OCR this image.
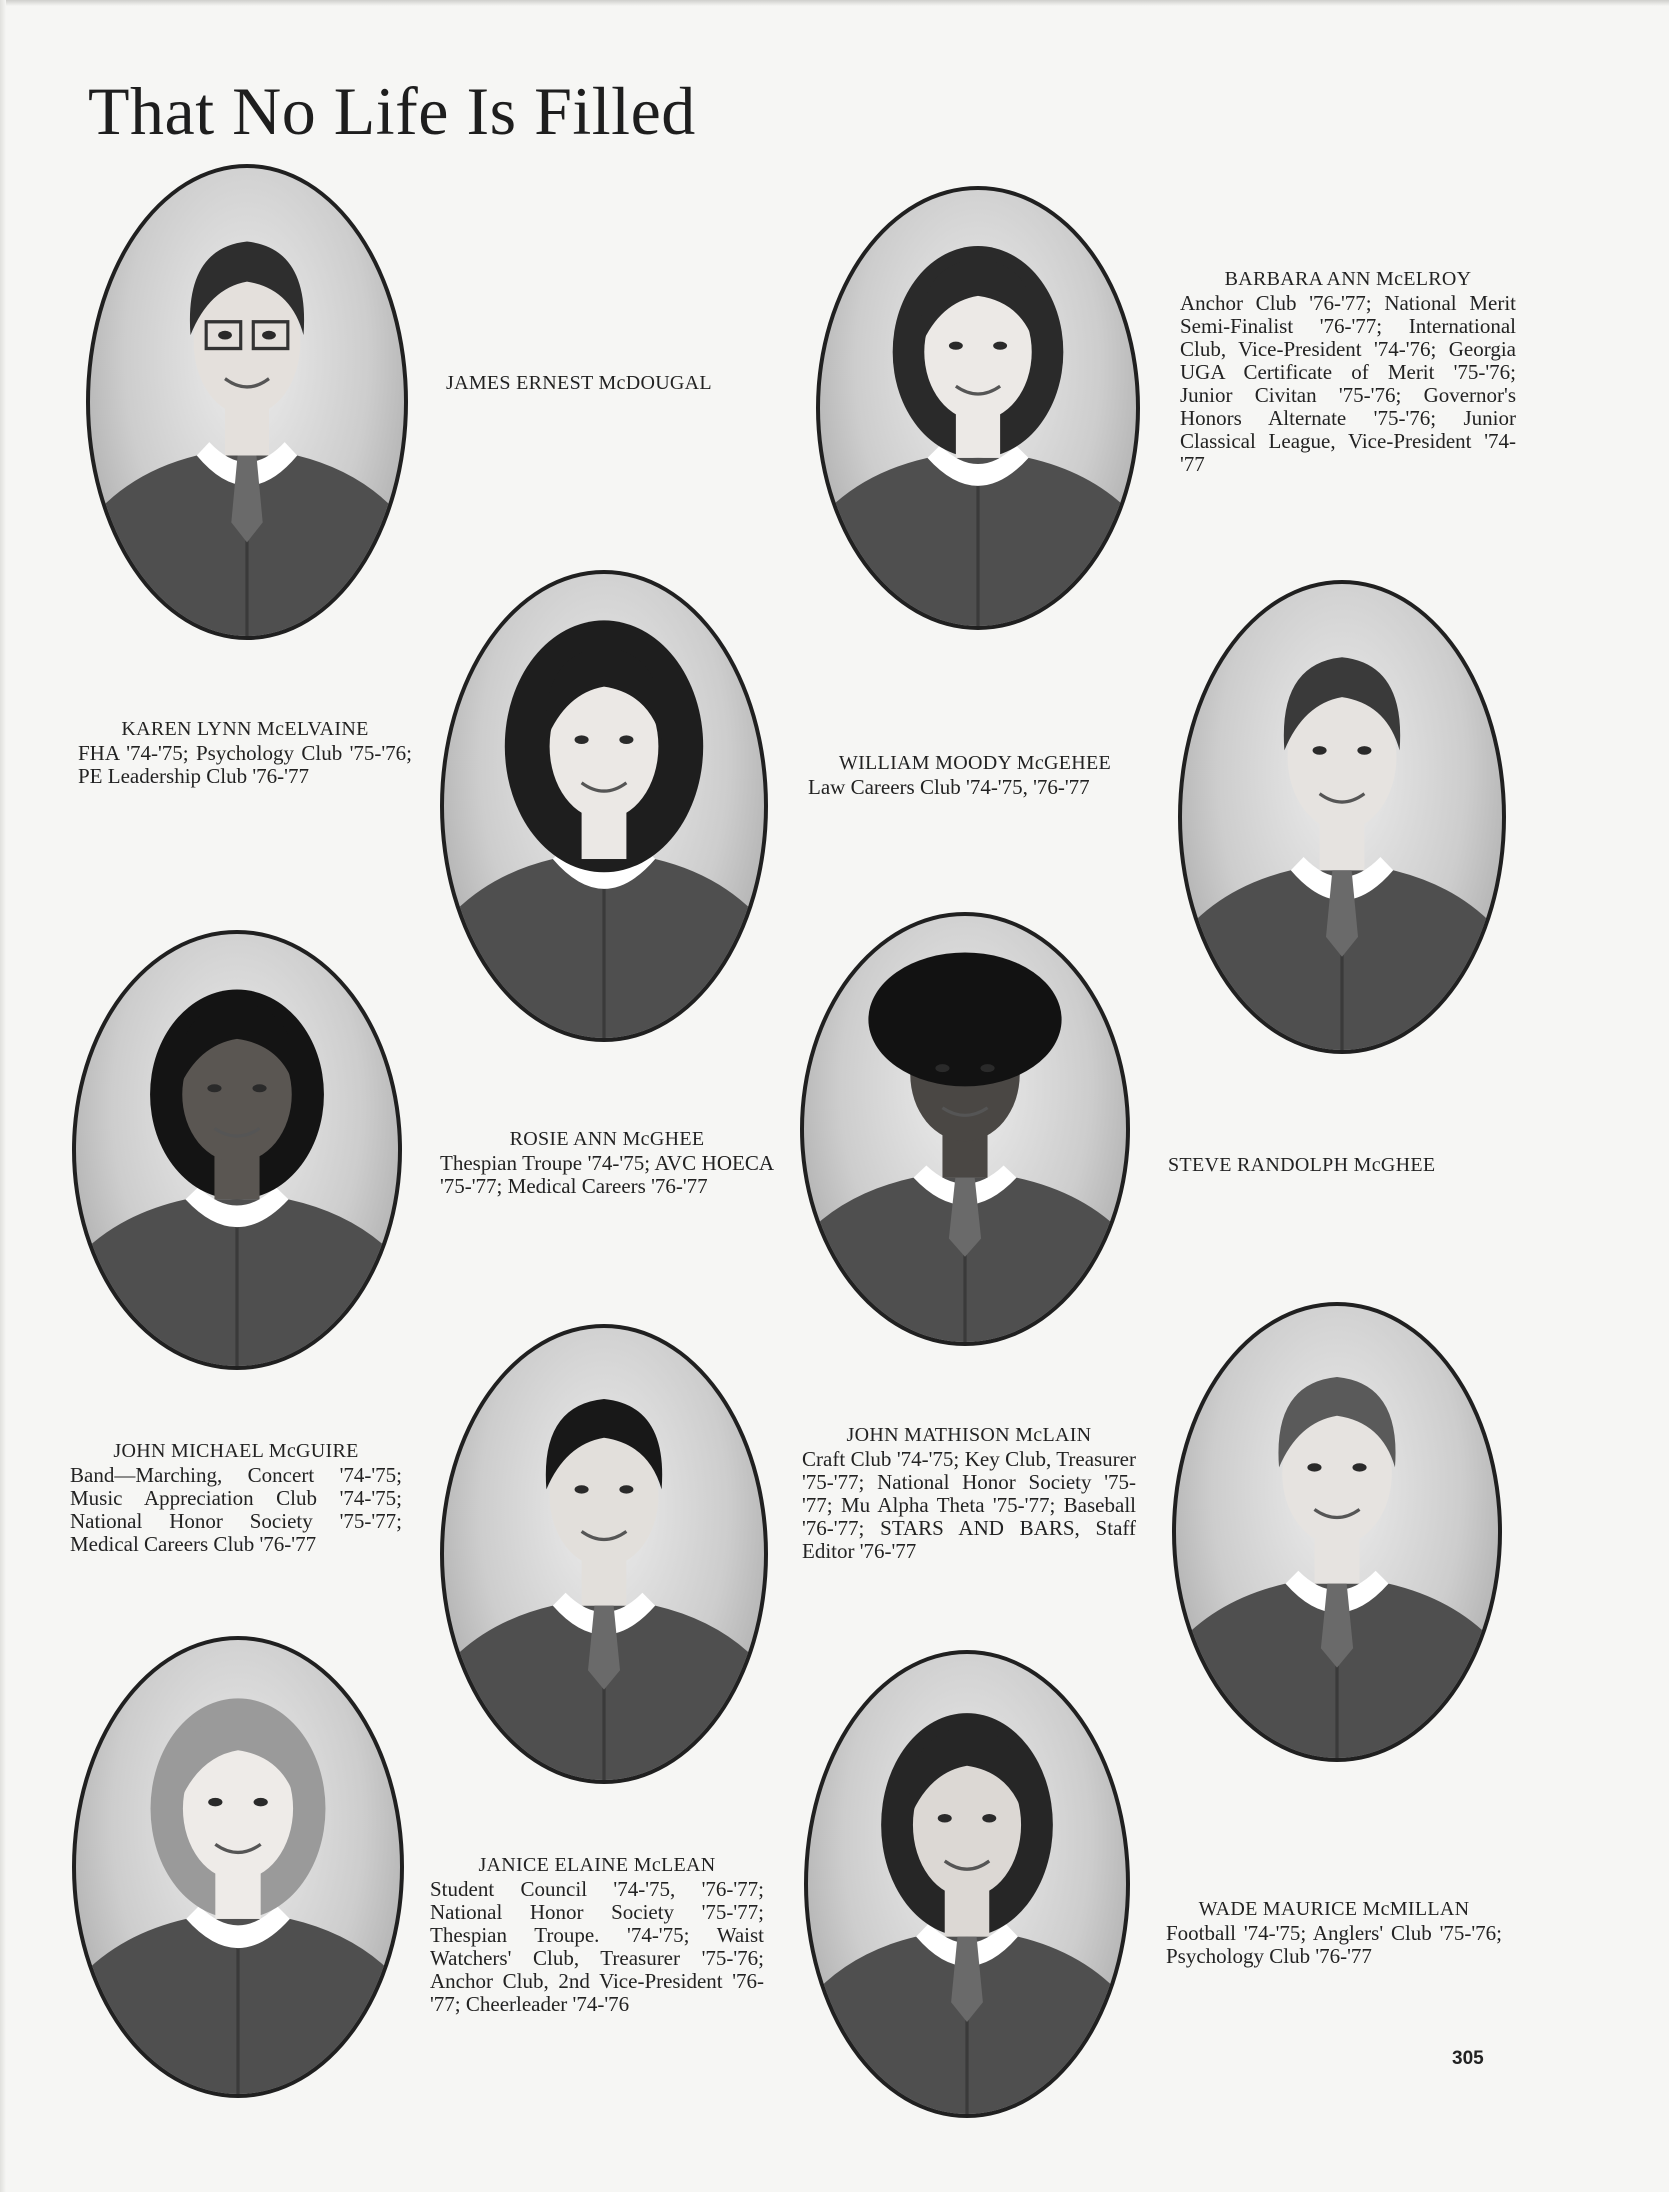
That No Life Is Filled
JAMES ERNEST McDOUGAL
BARBARA ANN McELROY
Anchor Club '76-'77; National Merit Semi-Finalist '76-'77; International Club, Vice-President '74-'76; Georgia UGA Certificate of Merit '75-'76; Junior Civitan '75-'76; Governor's Honors Alternate '75-'76; Junior Classical League, Vice-President '74-'77
KAREN LYNN McELVAINE
FHA '74-'75; Psychology Club '75-'76; PE Leadership Club '76-'77
WILLIAM MOODY McGEHEE
Law Careers Club '74-'75, '76-'77
ROSIE ANN McGHEE
Thespian Troupe '74-'75; AVC HOECA '75-'77; Medical Careers '76-'77
STEVE RANDOLPH McGHEE
JOHN MICHAEL McGUIRE
Band—Marching, Concert '74-'75; Music Appreciation Club '74-'75; National Honor Society '75-'77; Medical Careers Club '76-'77
JOHN MATHISON McLAIN
Craft Club '74-'75; Key Club, Treasurer '75-'77; National Honor Society '75-'77; Mu Alpha Theta '75-'77; Baseball '76-'77; STARS AND BARS, Staff Editor '76-'77
JANICE ELAINE McLEAN
Student Council '74-'75, '76-'77; National Honor Society '75-'77; Thespian Troupe. '74-'75; Waist Watchers' Club, Treasurer '75-'76; Anchor Club, 2nd Vice-President '76-'77; Cheerleader '74-'76
WADE MAURICE McMILLAN
Football '74-'75; Anglers' Club '75-'76; Psychology Club '76-'77
305
